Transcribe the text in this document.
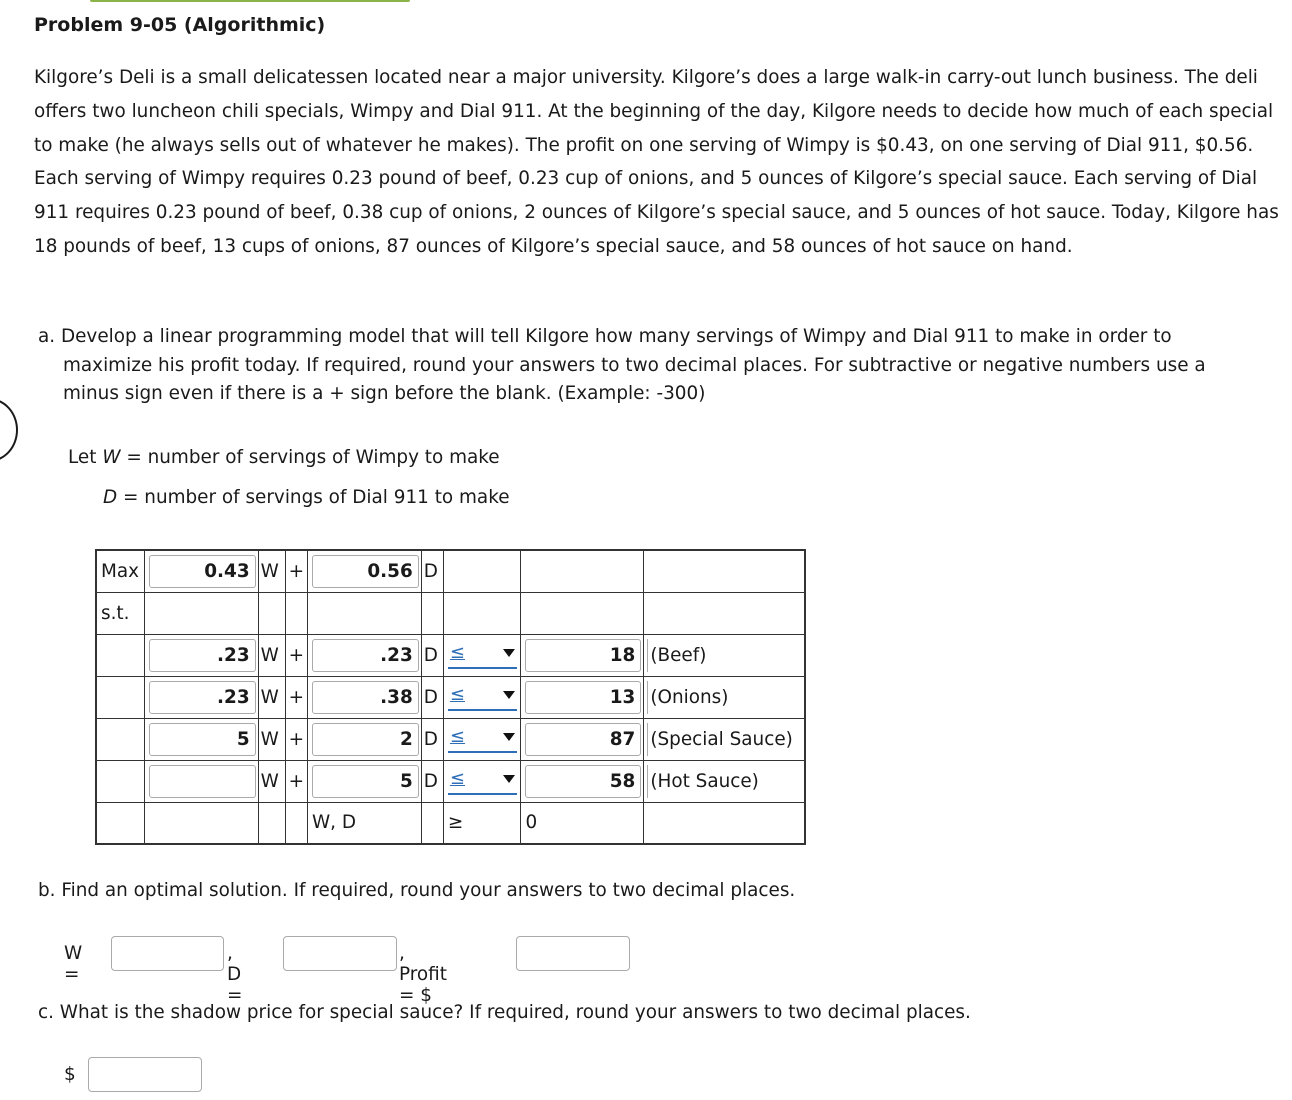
Problem 9-05 (Algorithmic)
Kilgore’s Deli is a small delicatessen located near a major university. Kilgore’s does a large walk-in carry-out lunch business. The deli offers two luncheon chili specials, Wimpy and Dial 911. At the beginning of the day, Kilgore needs to decide how much of each special to make (he always sells out of whatever he makes). The profit on one serving of Wimpy is $0.43, on one serving of Dial 911, $0.56. Each serving of Wimpy requires 0.23 pound of beef, 0.23 cup of onions, and 5 ounces of Kilgore’s special sauce. Each serving of Dial 911 requires 0.23 pound of beef, 0.38 cup of onions, 2 ounces of Kilgore’s special sauce, and 5 ounces of hot sauce. Today, Kilgore has 18 pounds of beef, 13 cups of onions, 87 ounces of Kilgore’s special sauce, and 58 ounces of hot sauce on hand.
a. Develop a linear programming model that will tell Kilgore how many servings of Wimpy and Dial 911 to make in order to
maximize his profit today. If required, round your answers to two decimal places. For subtractive or negative numbers use a
minus sign even if there is a + sign before the blank. (Example: -300)
Let W = number of servings of Wimpy to make
D = number of servings of Dial 911 to make
Max	0.43	W	+	0.56	D			
s.t.								

.23	W	+	.23	D	≤	18	(Beef)

.23	W	+	.38	D	≤	13	(Onions)

5	W	+	2	D	≤	87	(Special Sauce)

	W	+	5	D	≤	58	(Hot Sauce)

				W, D		≥	0	
b. Find an optimal solution. If required, round your answers to two decimal places.
W =
, D =
, Profit = $
c. What is the shadow price for special sauce? If required, round your answers to two decimal places.
$
